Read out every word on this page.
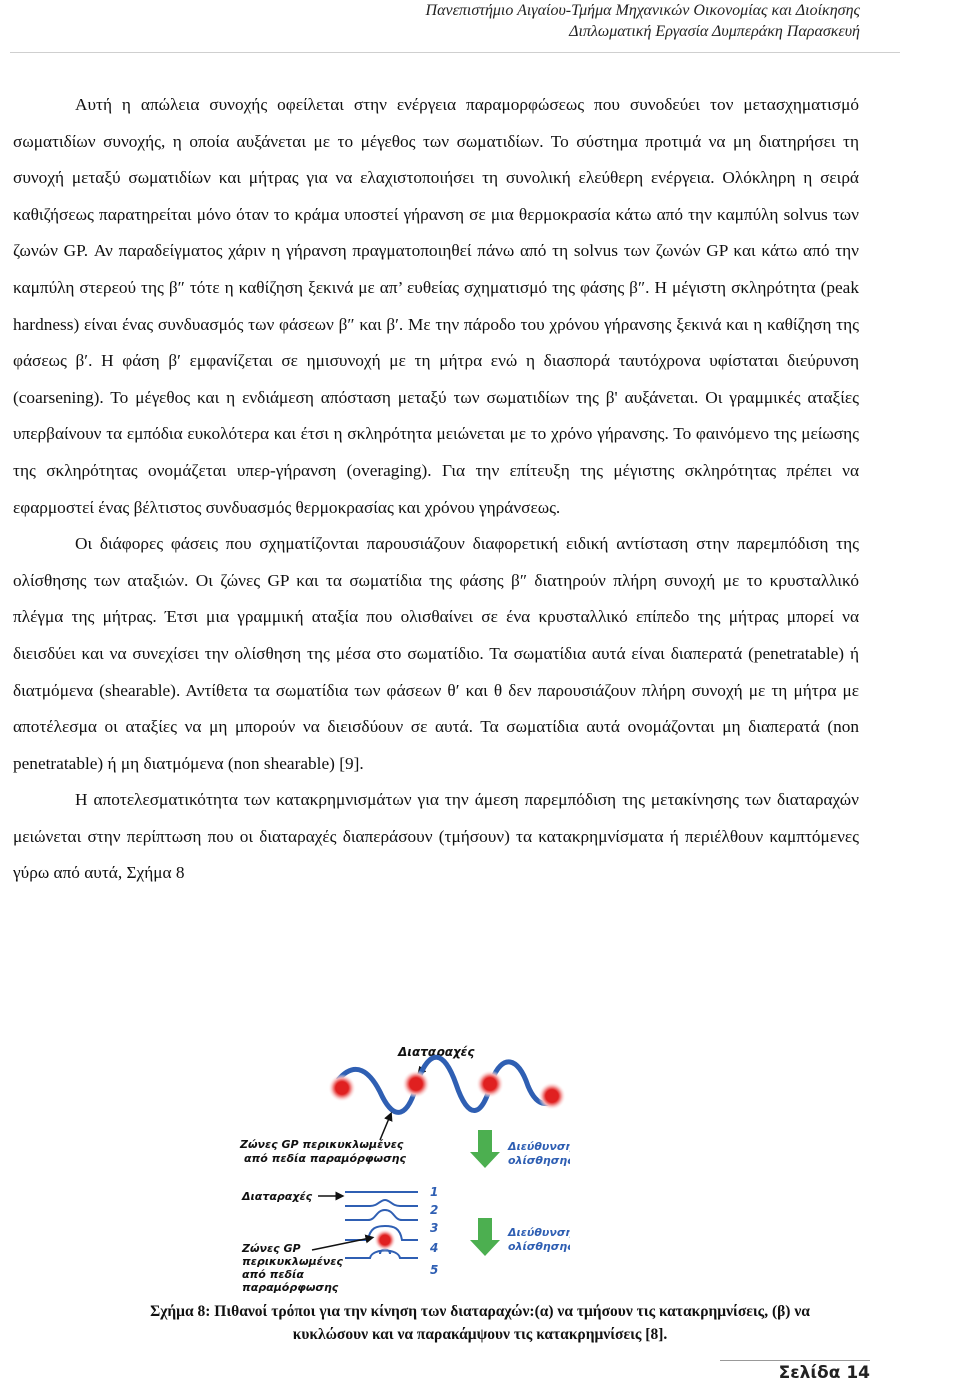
Πανεπιστήμιο Αιγαίου-Τμήμα Μηχανικών Οικονομίας και Διοίκησης
Διπλωματική Εργασία Δυμπεράκη Παρασκευή

Αυτή η απώλεια συνοχής οφείλεται στην ενέργεια παραμορφώσεως που συνοδεύει τον μετασχηματισμό σωματιδίων συνοχής, η οποία αυξάνεται με το μέγεθος των σωματιδίων. Το σύστημα προτιμά να μη διατηρήσει τη συνοχή μεταξύ σωματιδίων και μήτρας για να ελαχιστοποιήσει τη συνολική ελεύθερη ενέργεια. Ολόκληρη η σειρά καθιζήσεως παρατηρείται μόνο όταν το κράμα υποστεί γήρανση σε μια θερμοκρασία κάτω από την καμπύλη solvus των ζωνών GP. Αν παραδείγματος χάριν η γήρανση πραγματοποιηθεί πάνω από τη solvus των ζωνών GP και κάτω από την καμπύλη στερεού της β″ τότε η καθίζηση ξεκινά με απ’ ευθείας σχηματισμό της φάσης β″. Η μέγιστη σκληρότητα (peak hardness) είναι ένας συνδυασμός των φάσεων β″ και β′. Με την πάροδο του χρόνου γήρανσης ξεκινά και η καθίζηση της φάσεως β′. Η φάση β′ εμφανίζεται σε ημισυνοχή με τη μήτρα ενώ η διασπορά ταυτόχρονα υφίσταται διεύρυνση (coarsening). Το μέγεθος και η ενδιάμεση απόσταση μεταξύ των σωματιδίων της β' αυξάνεται. Οι γραμμικές αταξίες υπερβαίνουν τα εμπόδια ευκολότερα και έτσι η σκληρότητα μειώνεται με το χρόνο γήρανσης. Το φαινόμενο της μείωσης της σκληρότητας ονομάζεται υπερ-γήρανση (overaging). Για την επίτευξη της μέγιστης σκληρότητας πρέπει να εφαρμοστεί ένας βέλτιστος συνδυασμός θερμοκρασίας και χρόνου γηράνσεως.

Οι διάφορες φάσεις που σχηματίζονται παρουσιάζουν διαφορετική ειδική αντίσταση στην παρεμπόδιση της ολίσθησης των αταξιών. Οι ζώνες GP και τα σωματίδια της φάσης β″ διατηρούν πλήρη συνοχή με το κρυσταλλικό πλέγμα της μήτρας. Έτσι μια γραμμική αταξία που ολισθαίνει σε ένα κρυσταλλικό επίπεδο της μήτρας μπορεί να διεισδύει και να συνεχίσει την ολίσθηση της μέσα στο σωματίδιο. Τα σωματίδια αυτά είναι διαπερατά (penetratable) ή διατμόμενα (shearable). Αντίθετα τα σωματίδια των φάσεων θ′ και θ δεν παρουσιάζουν πλήρη συνοχή με τη μήτρα με αποτέλεσμα οι αταξίες να μη μπορούν να διεισδύουν σε αυτά. Τα σωματίδια αυτά ονομάζονται μη διαπερατά (non penetratable) ή μη διατμόμενα (non shearable) [9].

Η αποτελεσματικότητα των κατακρημνισμάτων για την άμεση παρεμπόδιση της μετακίνησης των διαταραχών μειώνεται στην περίπτωση που οι διαταραχές διαπεράσουν (τμήσουν) τα κατακρημνίσματα ή περιέλθουν καμπτόμενες γύρω από αυτά, Σχήμα 8

Διαταραχές
Ζώνες GP περικυκλωμένες
από πεδία παραμόρφωσης
Διεύθυνση
ολίσθησης
Διαταραχές	1
2
3
4
5
Διεύθυνση
ολίσθησης
Ζώνες GP
περικυκλωμένες
από πεδία
παραμόρφωσης
Σχήμα 8: Πιθανοί τρόποι για την κίνηση των διαταραχών:(α) να τμήσουν τις κατακρημνίσεις, (β) να
κυκλώσουν και να παρακάμψουν τις κατακρημνίσεις [8].
Σελίδα 14
